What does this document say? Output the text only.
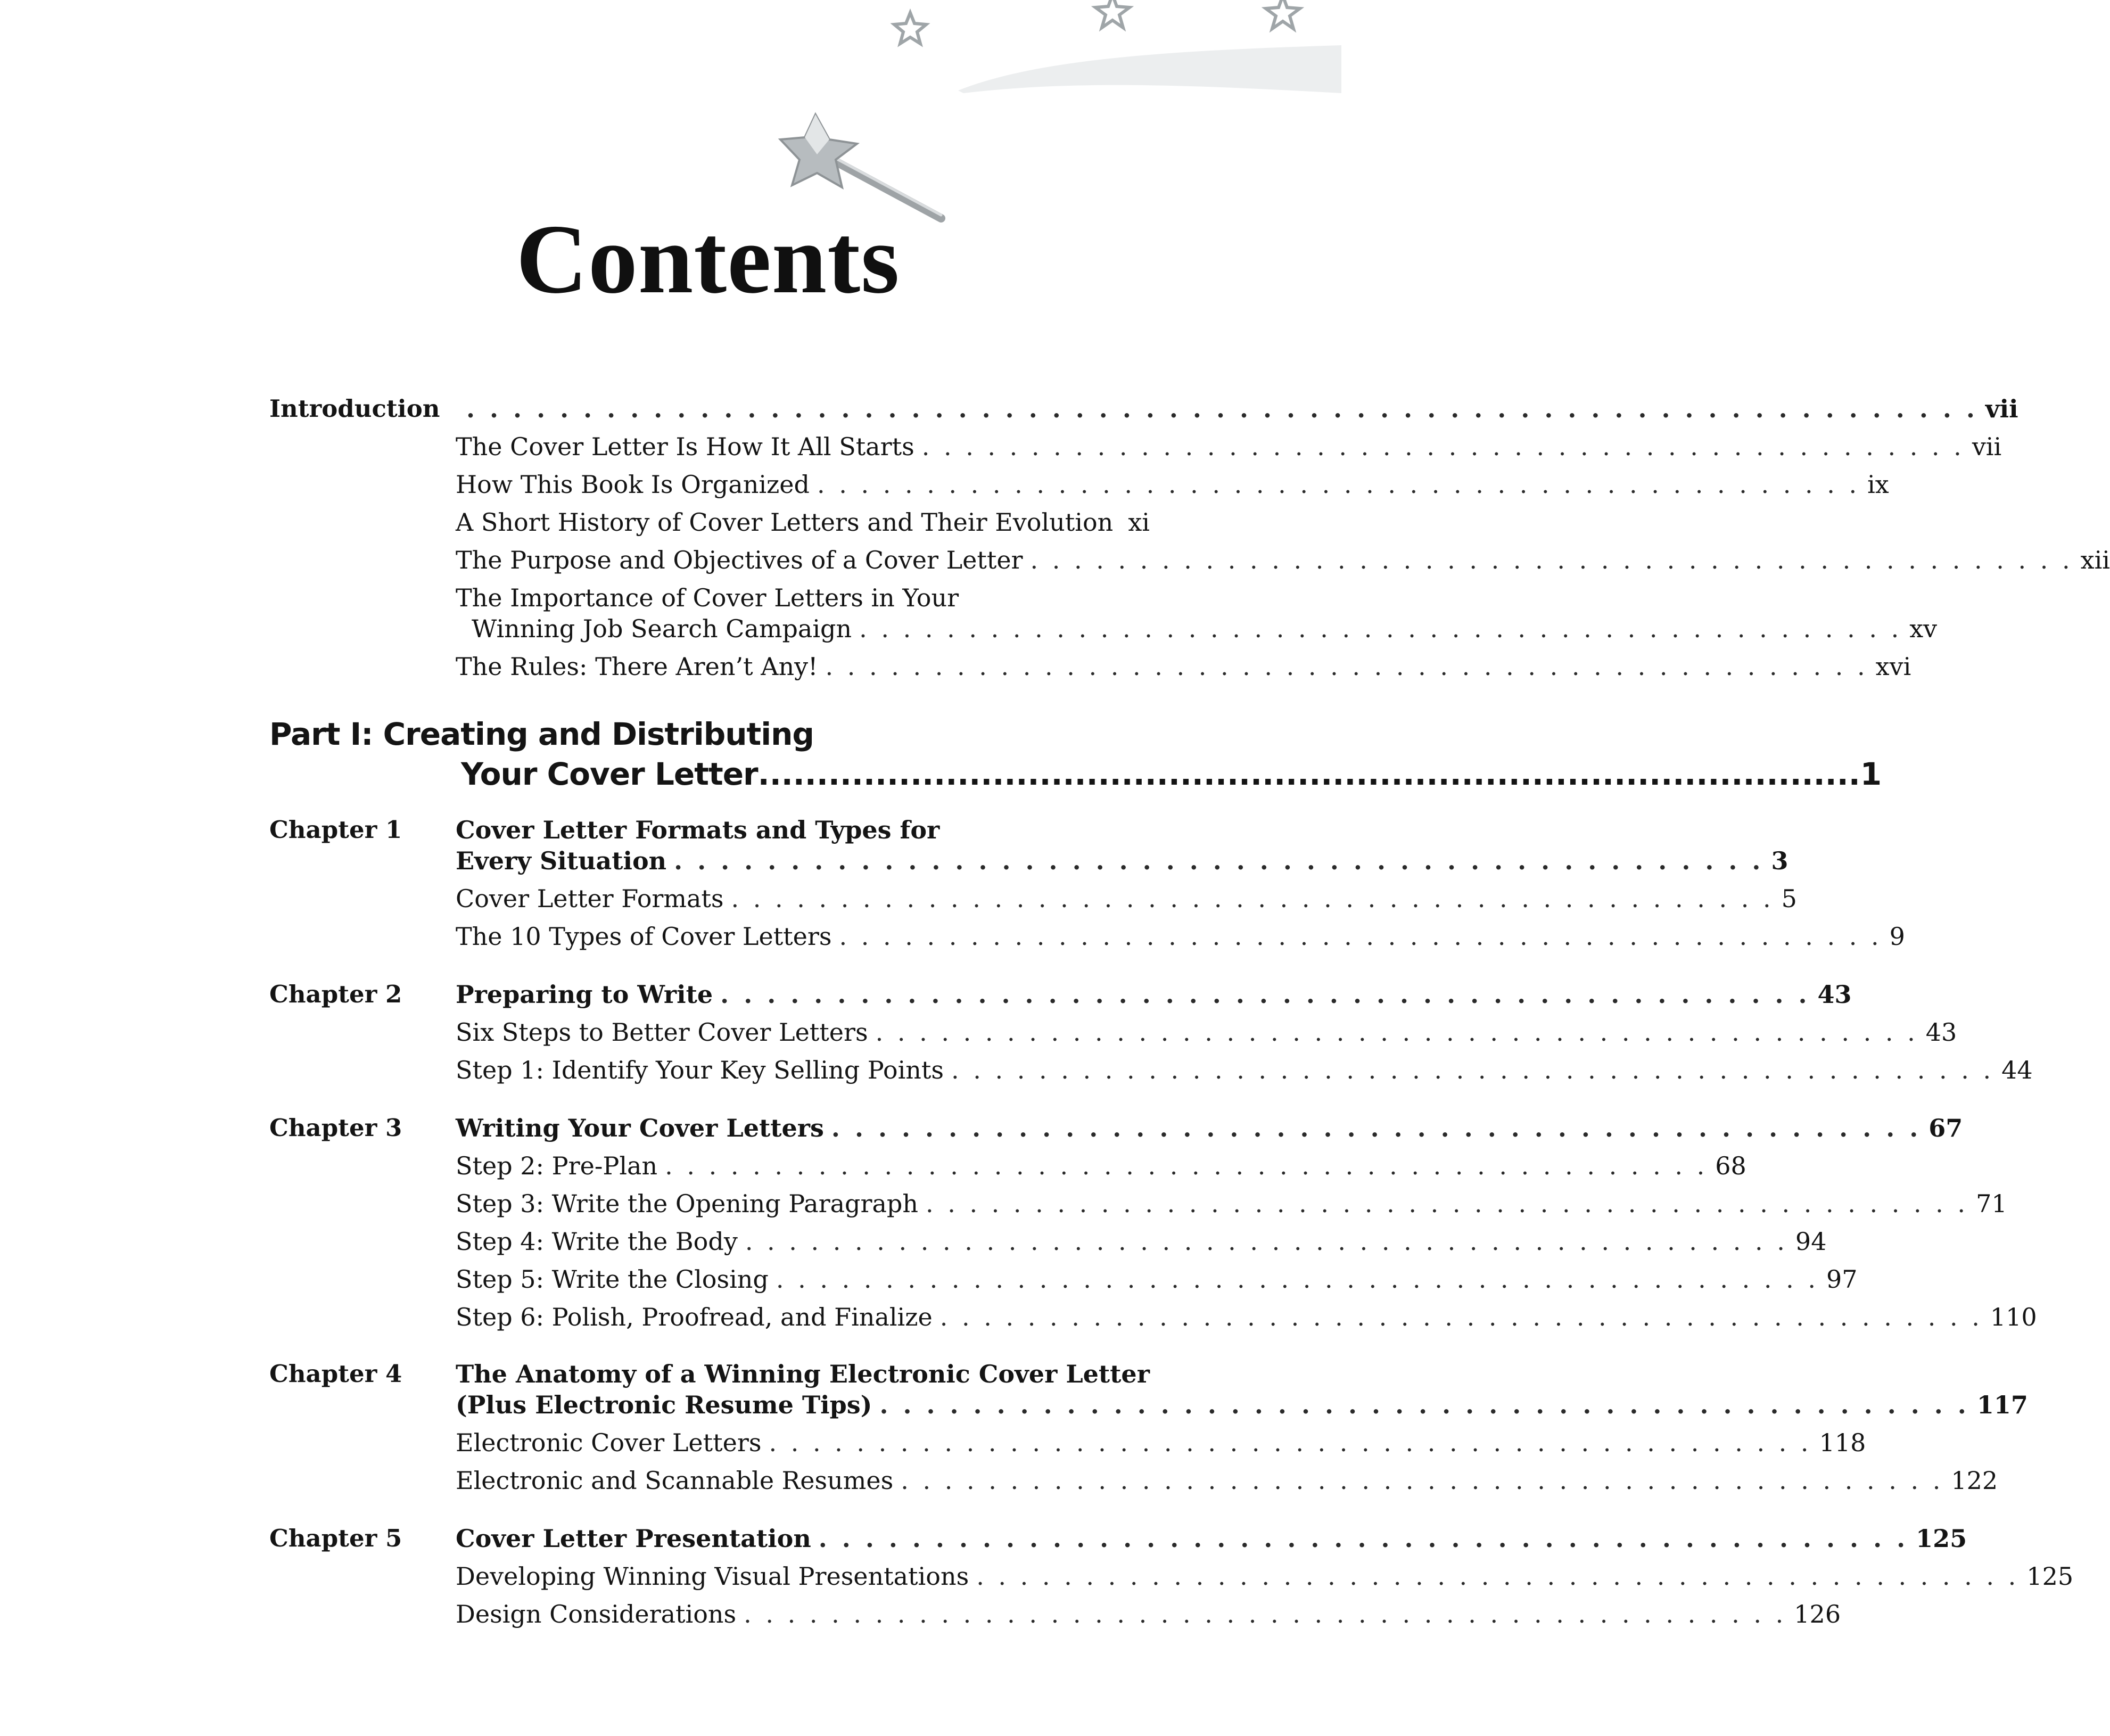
Contents
Introduction . . . . . . . . . . . . . . . . . . . . . . . . . . . . . . . . . . . . . . . . . . . . . . . . . . . . . . . . . . . . . . . . . vii
The Cover Letter Is How It All Starts . . . . . . . . . . . . . . . . . . . . . . . . . . . . . . . . . . . . . . . . . . . . . . . . vii
How This Book Is Organized . . . . . . . . . . . . . . . . . . . . . . . . . . . . . . . . . . . . . . . . . . . . . . . . ix
A Short History of Cover Letters and Their Evolution xi
The Purpose and Objectives of a Cover Letter . . . . . . . . . . . . . . . . . . . . . . . . . . . . . . . . . . . . . . . . . . . . . . . . xii
The Importance of Cover Letters in Your
Winning Job Search Campaign . . . . . . . . . . . . . . . . . . . . . . . . . . . . . . . . . . . . . . . . . . . . . . . . xv
The Rules: There Aren’t Any! . . . . . . . . . . . . . . . . . . . . . . . . . . . . . . . . . . . . . . . . . . . . . . . . xvi
Part I: Creating and Distributing
Your Cover Letter .............................................................................................. 1
Chapter 1 Cover Letter Formats and Types for
Every Situation . . . . . . . . . . . . . . . . . . . . . . . . . . . . . . . . . . . . . . . . . . . . . . . 3
Cover Letter Formats . . . . . . . . . . . . . . . . . . . . . . . . . . . . . . . . . . . . . . . . . . . . . . . . 5
The 10 Types of Cover Letters . . . . . . . . . . . . . . . . . . . . . . . . . . . . . . . . . . . . . . . . . . . . . . . . 9
Chapter 2 Preparing to Write . . . . . . . . . . . . . . . . . . . . . . . . . . . . . . . . . . . . . . . . . . . . . . . 43
Six Steps to Better Cover Letters . . . . . . . . . . . . . . . . . . . . . . . . . . . . . . . . . . . . . . . . . . . . . . . . 43
Step 1: Identify Your Key Selling Points . . . . . . . . . . . . . . . . . . . . . . . . . . . . . . . . . . . . . . . . . . . . . . . . 44
Chapter 3 Writing Your Cover Letters . . . . . . . . . . . . . . . . . . . . . . . . . . . . . . . . . . . . . . . . . . . . . . . 67
Step 2: Pre-Plan . . . . . . . . . . . . . . . . . . . . . . . . . . . . . . . . . . . . . . . . . . . . . . . . 68
Step 3: Write the Opening Paragraph . . . . . . . . . . . . . . . . . . . . . . . . . . . . . . . . . . . . . . . . . . . . . . . . 71
Step 4: Write the Body . . . . . . . . . . . . . . . . . . . . . . . . . . . . . . . . . . . . . . . . . . . . . . . . 94
Step 5: Write the Closing . . . . . . . . . . . . . . . . . . . . . . . . . . . . . . . . . . . . . . . . . . . . . . . . 97
Step 6: Polish, Proofread, and Finalize . . . . . . . . . . . . . . . . . . . . . . . . . . . . . . . . . . . . . . . . . . . . . . . . 110
Chapter 4 The Anatomy of a Winning Electronic Cover Letter
(Plus Electronic Resume Tips) . . . . . . . . . . . . . . . . . . . . . . . . . . . . . . . . . . . . . . . . . . . . . . . 117
Electronic Cover Letters . . . . . . . . . . . . . . . . . . . . . . . . . . . . . . . . . . . . . . . . . . . . . . . . 118
Electronic and Scannable Resumes . . . . . . . . . . . . . . . . . . . . . . . . . . . . . . . . . . . . . . . . . . . . . . . . 122
Chapter 5 Cover Letter Presentation . . . . . . . . . . . . . . . . . . . . . . . . . . . . . . . . . . . . . . . . . . . . . . . 125
Developing Winning Visual Presentations . . . . . . . . . . . . . . . . . . . . . . . . . . . . . . . . . . . . . . . . . . . . . . . . 125
Design Considerations . . . . . . . . . . . . . . . . . . . . . . . . . . . . . . . . . . . . . . . . . . . . . . . . 126
